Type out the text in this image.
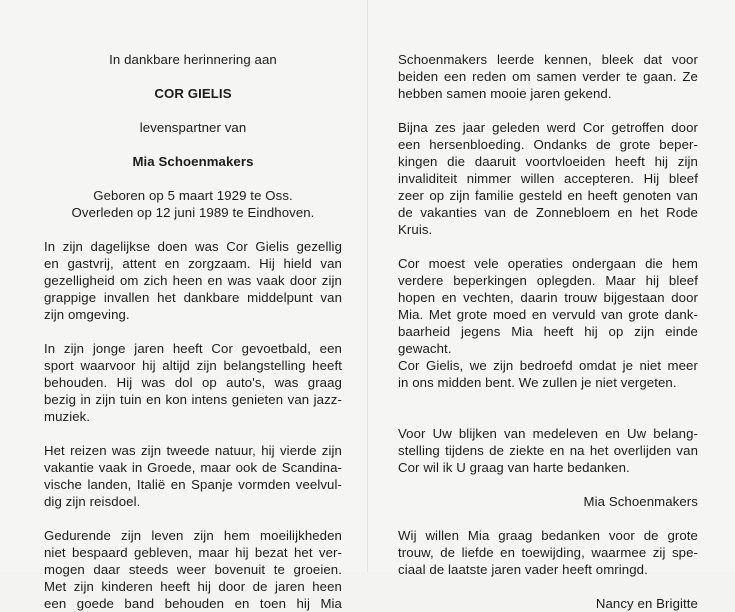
In dankbare herinnering aan
COR GIELIS
levenspartner van
Mia Schoenmakers
Geboren op 5 maart 1929 te Oss.
Overleden op 12 juni 1989 te Eindhoven.
In zijn dagelijkse doen was Cor Gielis gezellig
en gastvrij, attent en zorgzaam. Hij hield van
gezelligheid om zich heen en was vaak door zijn
grappige invallen het dankbare middelpunt van
zijn omgeving.
In zijn jonge jaren heeft Cor gevoetbald, een
sport waarvoor hij altijd zijn belangstelling heeft
behouden. Hij was dol op auto's, was graag
bezig in zijn tuin en kon intens genieten van jazz-
muziek.
Het reizen was zijn tweede natuur, hij vierde zijn
vakantie vaak in Groede, maar ook de Scandina-
vische landen, Italië en Spanje vormden veelvul-
dig zijn reisdoel.
Gedurende zijn leven zijn hem moeilijkheden
niet bespaard gebleven, maar hij bezat het ver-
mogen daar steeds weer bovenuit te groeien.
Met zijn kinderen heeft hij door de jaren heen
een goede band behouden en toen hij Mia
Schoenmakers leerde kennen, bleek dat voor
beiden een reden om samen verder te gaan. Ze
hebben samen mooie jaren gekend.
Bijna zes jaar geleden werd Cor getroffen door
een hersenbloeding. Ondanks de grote beper-
kingen die daaruit voortvloeiden heeft hij zijn
invaliditeit nimmer willen accepteren. Hij bleef
zeer op zijn familie gesteld en heeft genoten van
de vakanties van de Zonnebloem en het Rode
Kruis.
Cor moest vele operaties ondergaan die hem
verdere beperkingen oplegden. Maar hij bleef
hopen en vechten, daarin trouw bijgestaan door
Mia. Met grote moed en vervuld van grote dank-
baarheid jegens Mia heeft hij op zijn einde
gewacht.
Cor Gielis, we zijn bedroefd omdat je niet meer
in ons midden bent. We zullen je niet vergeten.
Voor Uw blijken van medeleven en Uw belang-
stelling tijdens de ziekte en na het overlijden van
Cor wil ik U graag van harte bedanken.
Mia Schoenmakers
Wij willen Mia graag bedanken voor de grote
trouw, de liefde en toewijding, waarmee zij spe-
ciaal de laatste jaren vader heeft omringd.
Nancy en Brigitte
